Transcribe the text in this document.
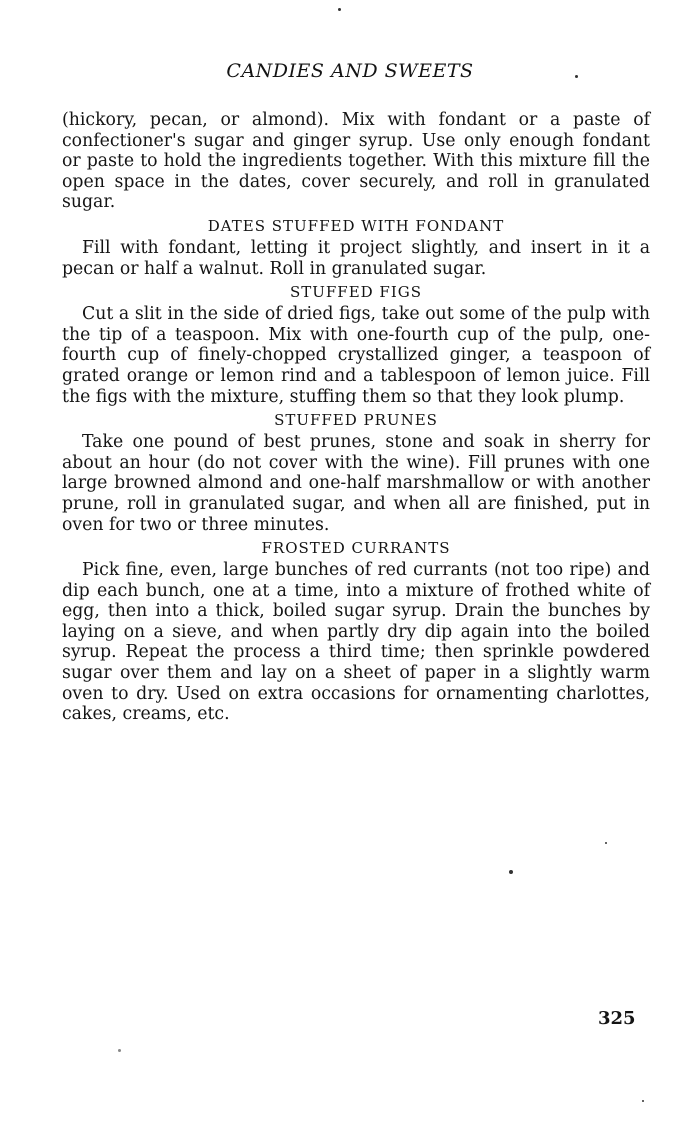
CANDIES AND SWEETS

(hickory, pecan, or almond). Mix with fondant or a paste of confectioner's sugar and ginger syrup. Use only enough fondant or paste to hold the ingredients together. With this mixture fill the open space in the dates, cover securely, and roll in granulated sugar.

DATES STUFFED WITH FONDANT

Fill with fondant, letting it project slightly, and insert in it a pecan or half a walnut. Roll in granulated sugar.

STUFFED FIGS

Cut a slit in the side of dried figs, take out some of the pulp with the tip of a teaspoon. Mix with one-fourth cup of the pulp, one-fourth cup of finely-chopped crystallized ginger, a teaspoon of grated orange or lemon rind and a tablespoon of lemon juice. Fill the figs with the mixture, stuffing them so that they look plump.

STUFFED PRUNES

Take one pound of best prunes, stone and soak in sherry for about an hour (do not cover with the wine). Fill prunes with one large browned almond and one-half marshmallow or with another prune, roll in granulated sugar, and when all are finished, put in oven for two or three minutes.

FROSTED CURRANTS

Pick fine, even, large bunches of red currants (not too ripe) and dip each bunch, one at a time, into a mixture of frothed white of egg, then into a thick, boiled sugar syrup. Drain the bunches by laying on a sieve, and when partly dry dip again into the boiled syrup. Repeat the process a third time; then sprinkle powdered sugar over them and lay on a sheet of paper in a slightly warm oven to dry. Used on extra occasions for ornamenting charlottes, cakes, creams, etc.

325
